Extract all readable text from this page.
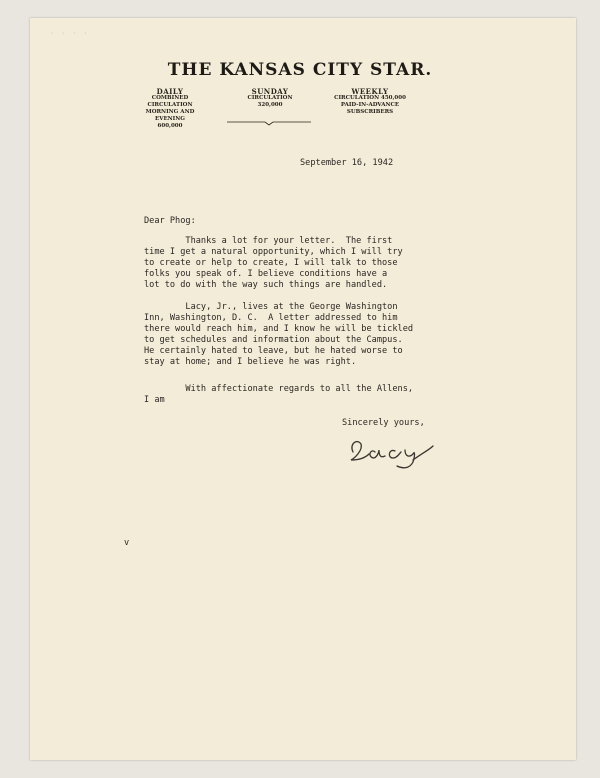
· · · ·
THE KANSAS CITY STAR.
DAILY
COMBINED CIRCULATION
MORNING AND EVENING
600,000
SUNDAY
CIRCULATION
320,000
WEEKLY
CIRCULATION 450,000
PAID-IN-ADVANCE
SUBSCRIBERS
September 16, 1942
Dear Phog:
Thanks a lot for your letter.  The first
time I get a natural opportunity, which I will try
to create or help to create, I will talk to those
folks you speak of. I believe conditions have a
lot to do with the way such things are handled.
Lacy, Jr., lives at the George Washington
Inn, Washington, D. C.  A letter addressed to him
there would reach him, and I know he will be tickled
to get schedules and information about the Campus.
He certainly hated to leave, but he hated worse to
stay at home; and I believe he was right.
With affectionate regards to all the Allens,
I am
Sincerely yours,
v
